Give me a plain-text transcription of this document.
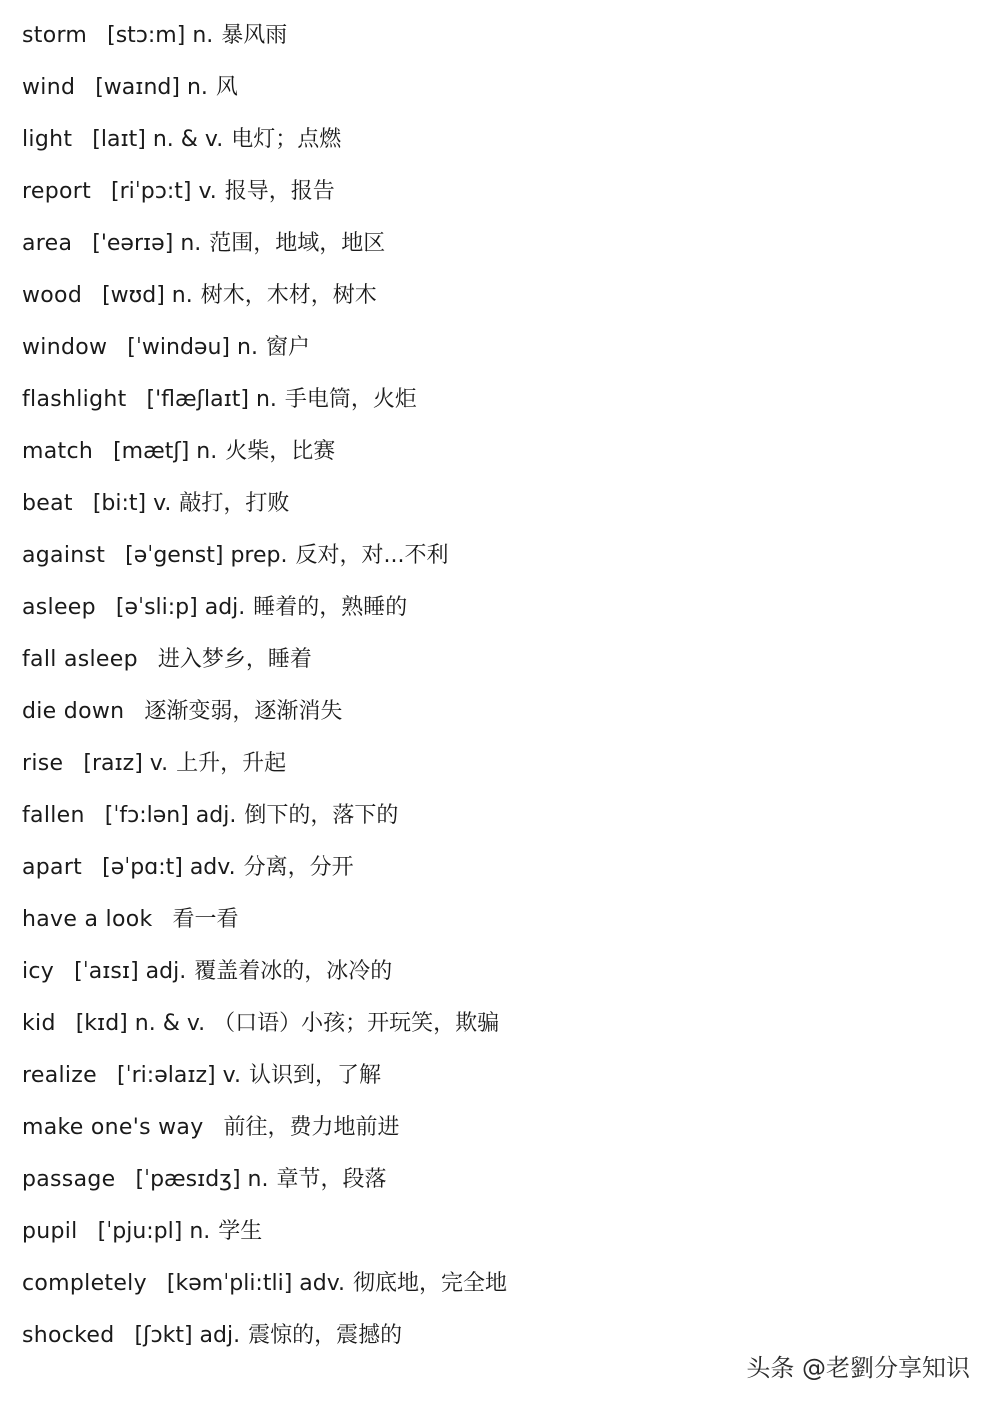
storm [stɔ:m] n. 暴风雨
wind [waɪnd] n. 风
light [laɪt] n. & v. 电灯；点燃
report [riˈpɔ:t] v. 报导，报告
area ['eərɪə] n. 范围，地域，地区
wood [wʊd] n. 树木，木材，树木
window [ˈwindəu] n. 窗户
flashlight ['flæʃlaɪt] n. 手电筒，火炬
match [mætʃ] n. 火柴，比赛
beat [bi:t] v. 敲打，打败
against [əˈgenst] prep. 反对，对...不利
asleep [əˈsli:p] adj. 睡着的，熟睡的
fall asleep 进入梦乡，睡着
die down 逐渐变弱，逐渐消失
rise [raɪz] v. 上升，升起
fallen [ˈfɔ:lən] adj. 倒下的，落下的
apart [əˈpɑ:t] adv. 分离，分开
have a look 看一看
icy [ˈaɪsɪ] adj. 覆盖着冰的，冰冷的
kid [kɪd] n. & v. （口语）小孩；开玩笑，欺骗
realize [ˈri:əlaɪz] v. 认识到，了解
make one's way 前往，费力地前进
passage [ˈpæsɪdʒ] n. 章节，段落
pupil [ˈpju:pl] n. 学生
completely [kəmˈpli:tli] adv. 彻底地，完全地
shocked [ʃɔkt] adj. 震惊的，震撼的
头条 @老劉分享知识
